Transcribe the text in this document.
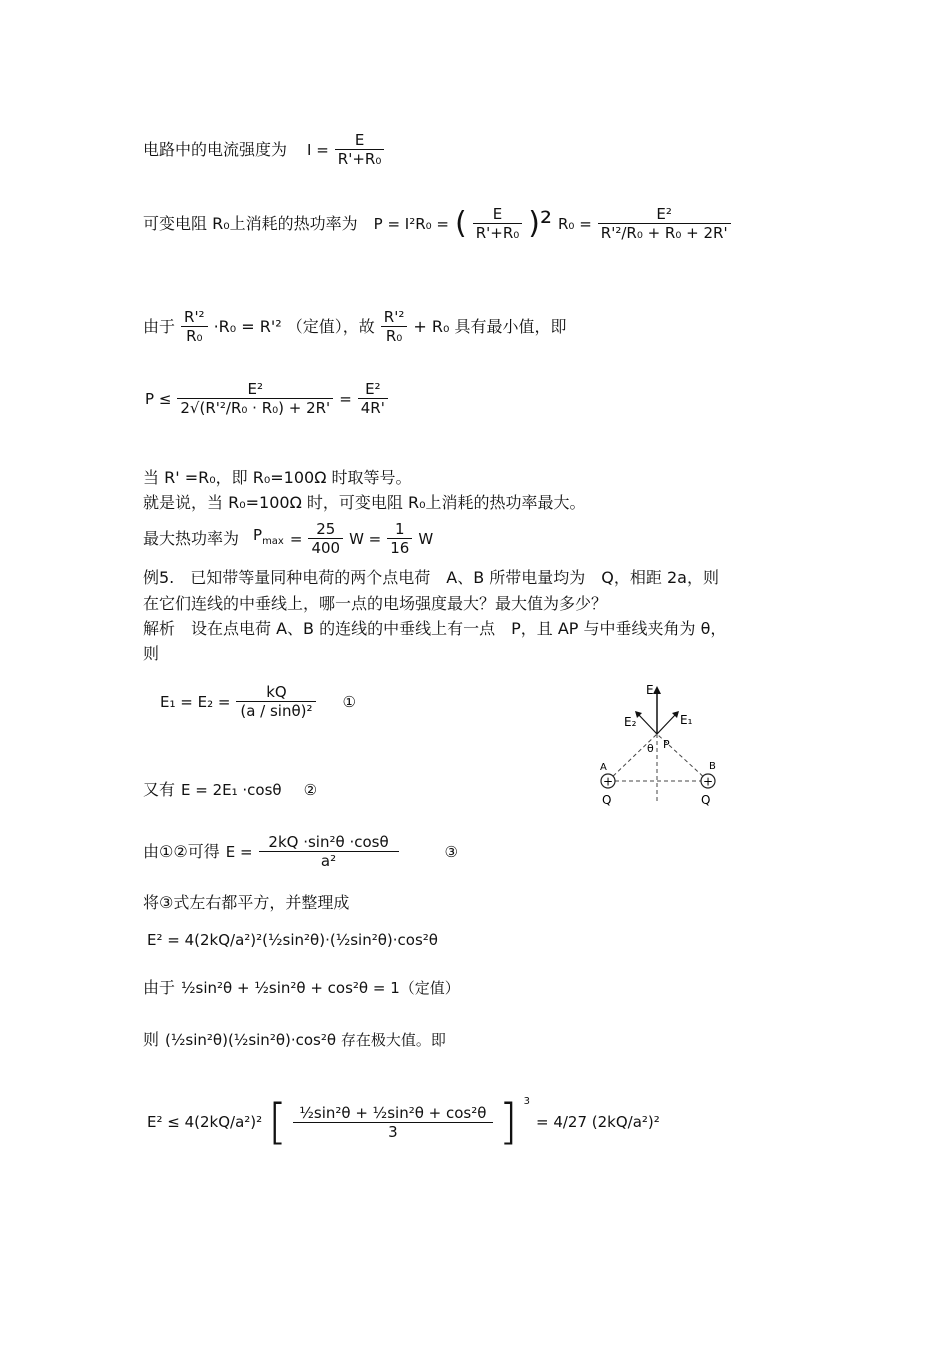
电路中的电流强度为 $I = \frac{E}{\text{R'+R₀}}$
可变电阻 R₀上消耗的热功率为 P = I²R₀ = ( $\frac{E}{\text{R'+R₀}} )^2$ $R_0 = \frac{\text{E²}}{\text{R'²/R₀ + R₀ + 2R'}}$
由于 $\frac{\text{R'²}}{\text{R₀}} \cdot R_0 = R'^2$ （定值），故 $\frac{\text{R'²}}{\text{R₀}} + R_0$ 具有最小值，即
$P \le \frac{\text{E²}}{\text{2√(R'²/R₀ · R₀) + 2R'}} = \frac{\text{E²}}{4R'}$
当 R' =R₀，即 R₀=100Ω 时取等号。
就是说，当 R₀=100Ω 时，可变电阻 R₀上消耗的热功率最大。
最大热功率为 $P_{max} = \frac{25}{400}$ $W = \frac{1}{16}$ W
例5.　已知带等量同种电荷的两个点电荷　A、B 所带电量均为　Q，相距 2a，则
在它们连线的中垂线上，哪一点的电场强度最大？最大值为多少？
解析　设在点电荷 A、B 的连线的中垂线上有一点　P，且 AP 与中垂线夹角为 θ，
则
$E_1 = E_2 = \frac{kQ}{\text{(a / sinθ)²}}$ ①
又有 E = 2E₁ ·cosθ ②
由①②可得 $E = \frac{\text{2kQ ·sin²θ ·cosθ}}{\text{a²}}$	③
将③式左右都平方，并整理成
E² = 4(2kQ/a²)²(½sin²θ)·(½sin²θ)·cos²θ
由于 ½sin²θ + ½sin²θ + cos²θ = 1（定值）
则 (½sin²θ)(½sin²θ)·cos²θ 存在极大值。即
E² ≤ 4(2kQ/a²)² [ $\frac{\text{½sin²θ + ½sin²θ + cos²θ}}{3}$ ] $^3$
= 4/27 (2kQ/a²)²
+	+
E
E₁
E₂
θ P
A	B
Q	Q
